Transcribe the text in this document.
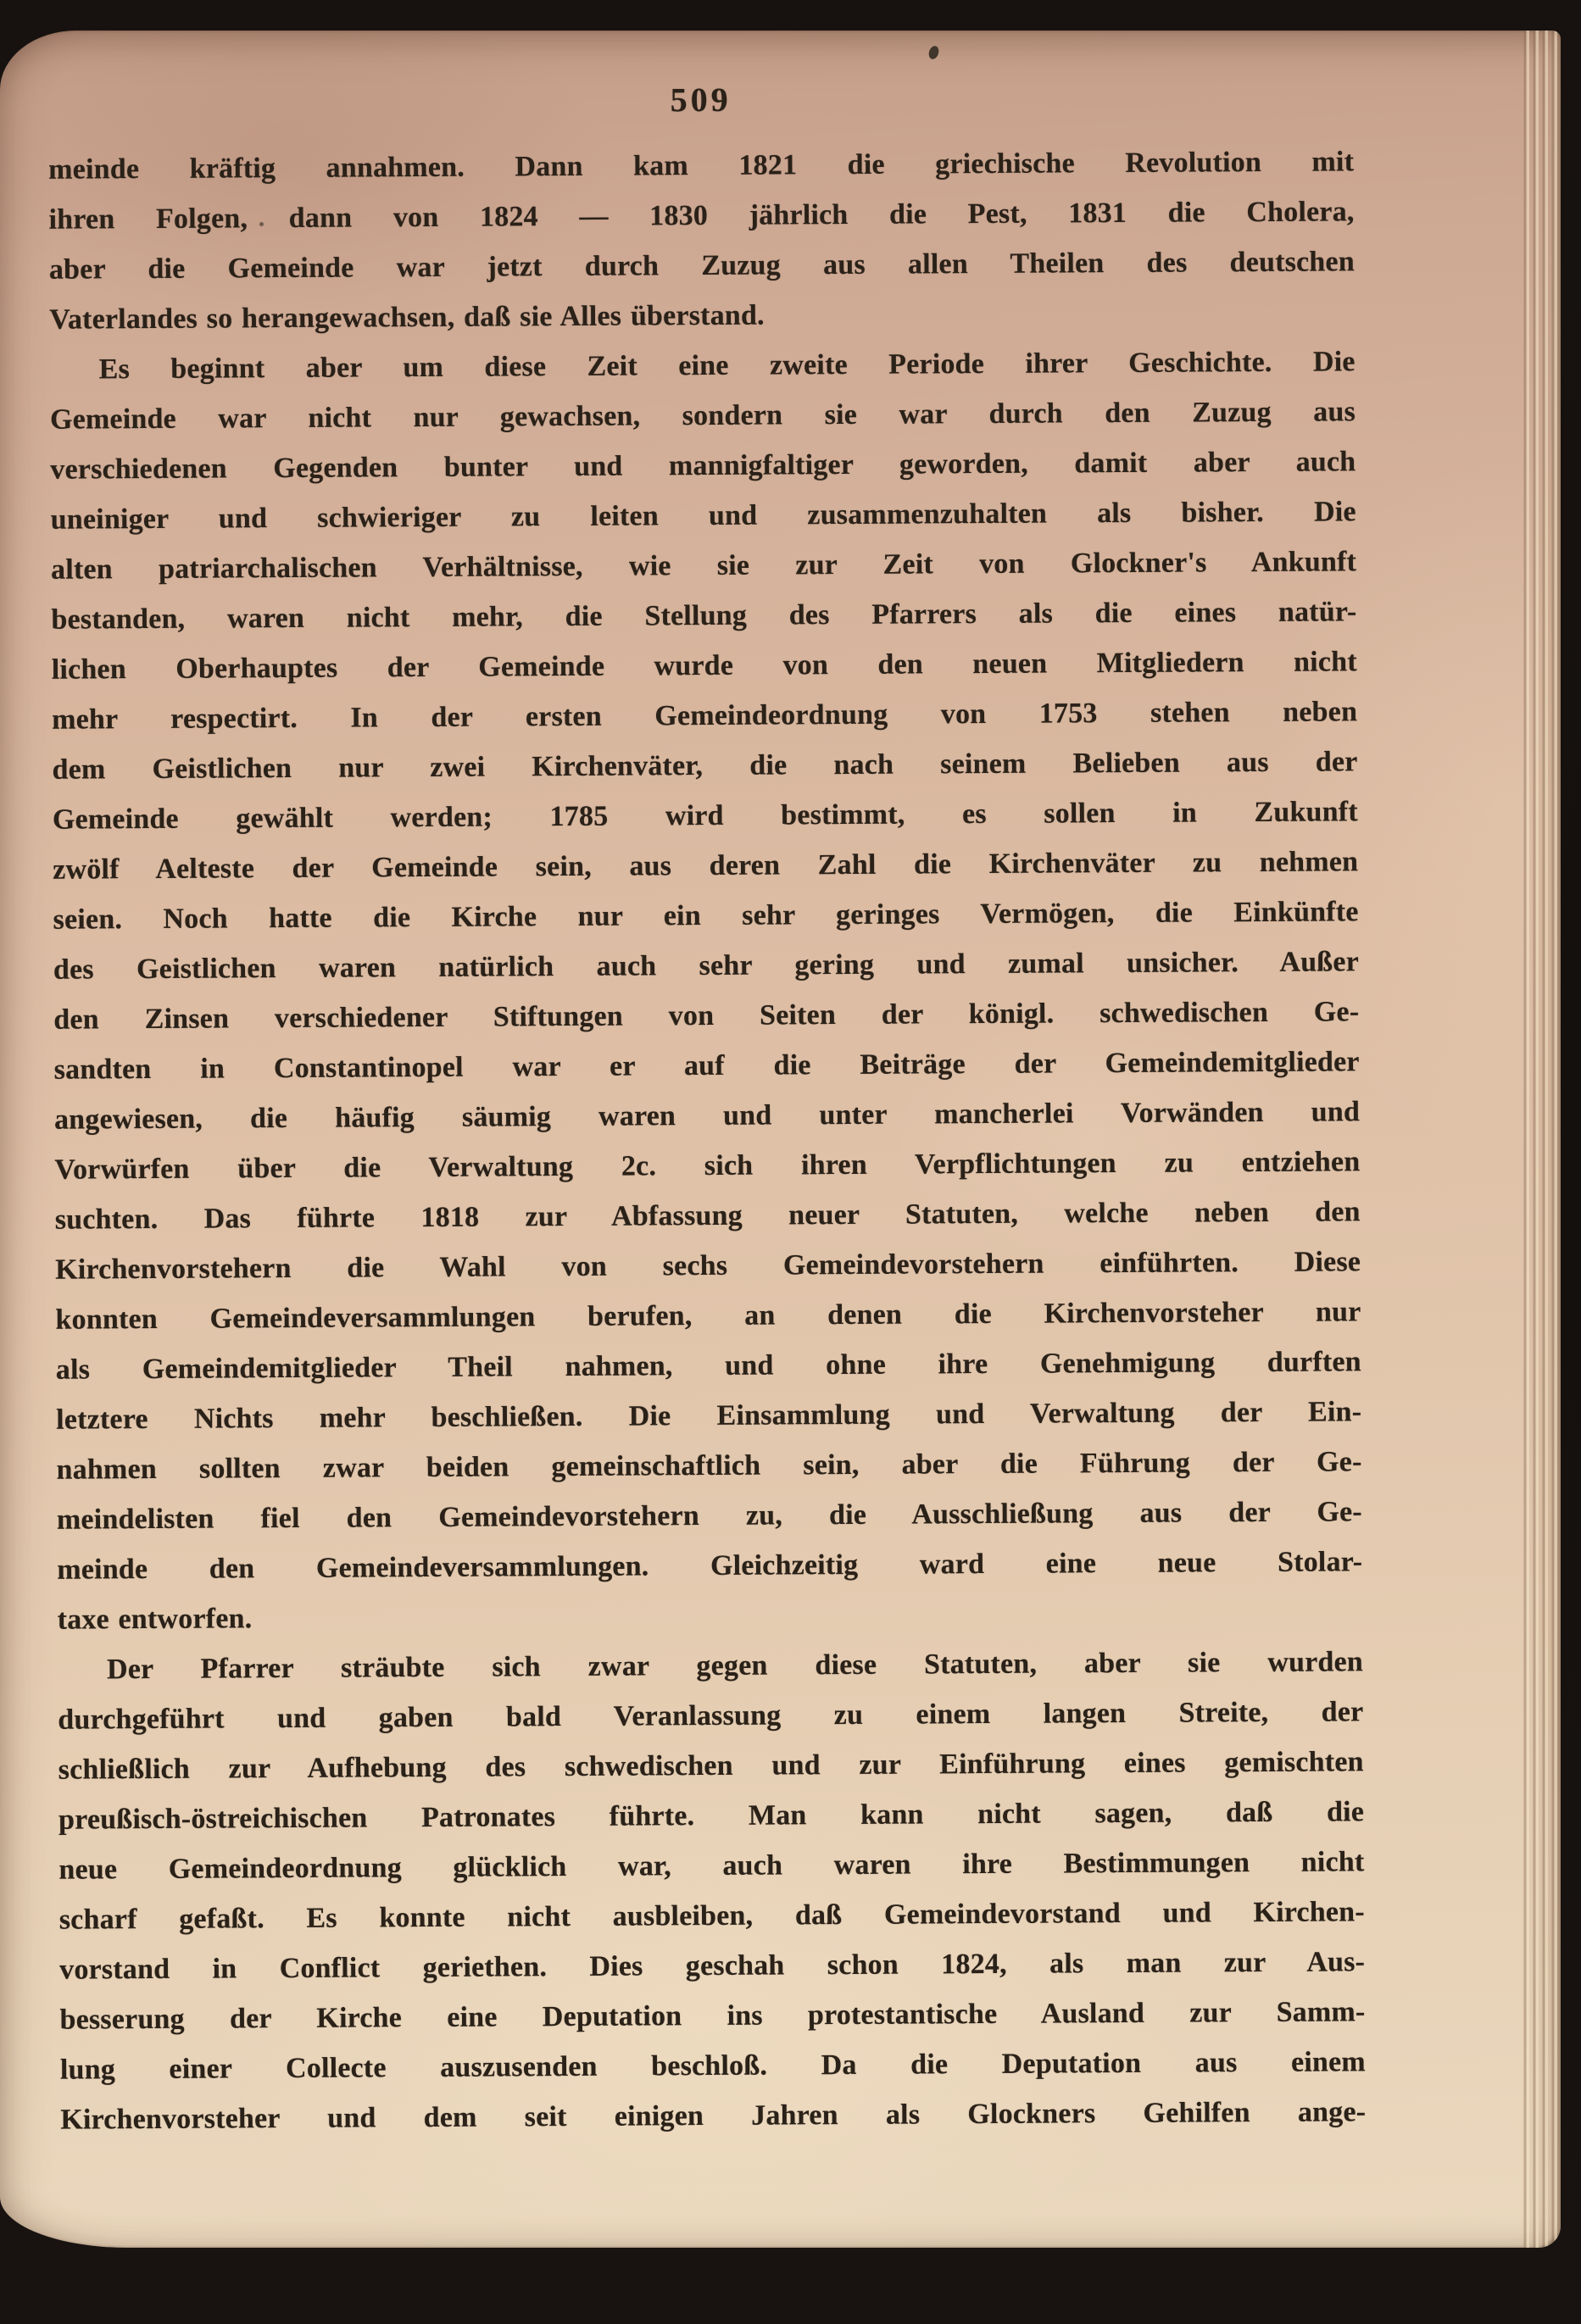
509
meinde kräftig annahmen. Dann kam 1821 die griechische Revolution mit
ihren Folgen, dann von 1824 — 1830 jährlich die Pest, 1831 die Cholera,
aber die Gemeinde war jetzt durch Zuzug aus allen Theilen des deutschen
Vaterlandes so herangewachsen, daß sie Alles überstand.
Es beginnt aber um diese Zeit eine zweite Periode ihrer Geschichte. Die
Gemeinde war nicht nur gewachsen, sondern sie war durch den Zuzug aus
verschiedenen Gegenden bunter und mannigfaltiger geworden, damit aber auch
uneiniger und schwieriger zu leiten und zusammenzuhalten als bisher. Die
alten patriarchalischen Verhältnisse, wie sie zur Zeit von Glockner's Ankunft
bestanden, waren nicht mehr, die Stellung des Pfarrers als die eines natür-
lichen Oberhauptes der Gemeinde wurde von den neuen Mitgliedern nicht
mehr respectirt. In der ersten Gemeindeordnung von 1753 stehen neben
dem Geistlichen nur zwei Kirchenväter, die nach seinem Belieben aus der
Gemeinde gewählt werden; 1785 wird bestimmt, es sollen in Zukunft
zwölf Aelteste der Gemeinde sein, aus deren Zahl die Kirchenväter zu nehmen
seien. Noch hatte die Kirche nur ein sehr geringes Vermögen, die Einkünfte
des Geistlichen waren natürlich auch sehr gering und zumal unsicher. Außer
den Zinsen verschiedener Stiftungen von Seiten der königl. schwedischen Ge-
sandten in Constantinopel war er auf die Beiträge der Gemeindemitglieder
angewiesen, die häufig säumig waren und unter mancherlei Vorwänden und
Vorwürfen über die Verwaltung 2c. sich ihren Verpflichtungen zu entziehen
suchten. Das führte 1818 zur Abfassung neuer Statuten, welche neben den
Kirchenvorstehern die Wahl von sechs Gemeindevorstehern einführten. Diese
konnten Gemeindeversammlungen berufen, an denen die Kirchenvorsteher nur
als Gemeindemitglieder Theil nahmen, und ohne ihre Genehmigung durften
letztere Nichts mehr beschließen. Die Einsammlung und Verwaltung der Ein-
nahmen sollten zwar beiden gemeinschaftlich sein, aber die Führung der Ge-
meindelisten fiel den Gemeindevorstehern zu, die Ausschließung aus der Ge-
meinde den Gemeindeversammlungen. Gleichzeitig ward eine neue Stolar-
taxe entworfen.
Der Pfarrer sträubte sich zwar gegen diese Statuten, aber sie wurden
durchgeführt und gaben bald Veranlassung zu einem langen Streite, der
schließlich zur Aufhebung des schwedischen und zur Einführung eines gemischten
preußisch-östreichischen Patronates führte. Man kann nicht sagen, daß die
neue Gemeindeordnung glücklich war, auch waren ihre Bestimmungen nicht
scharf gefaßt. Es konnte nicht ausbleiben, daß Gemeindevorstand und Kirchen-
vorstand in Conflict geriethen. Dies geschah schon 1824, als man zur Aus-
besserung der Kirche eine Deputation ins protestantische Ausland zur Samm-
lung einer Collecte auszusenden beschloß. Da die Deputation aus einem
Kirchenvorsteher und dem seit einigen Jahren als Glockners Gehilfen ange-
